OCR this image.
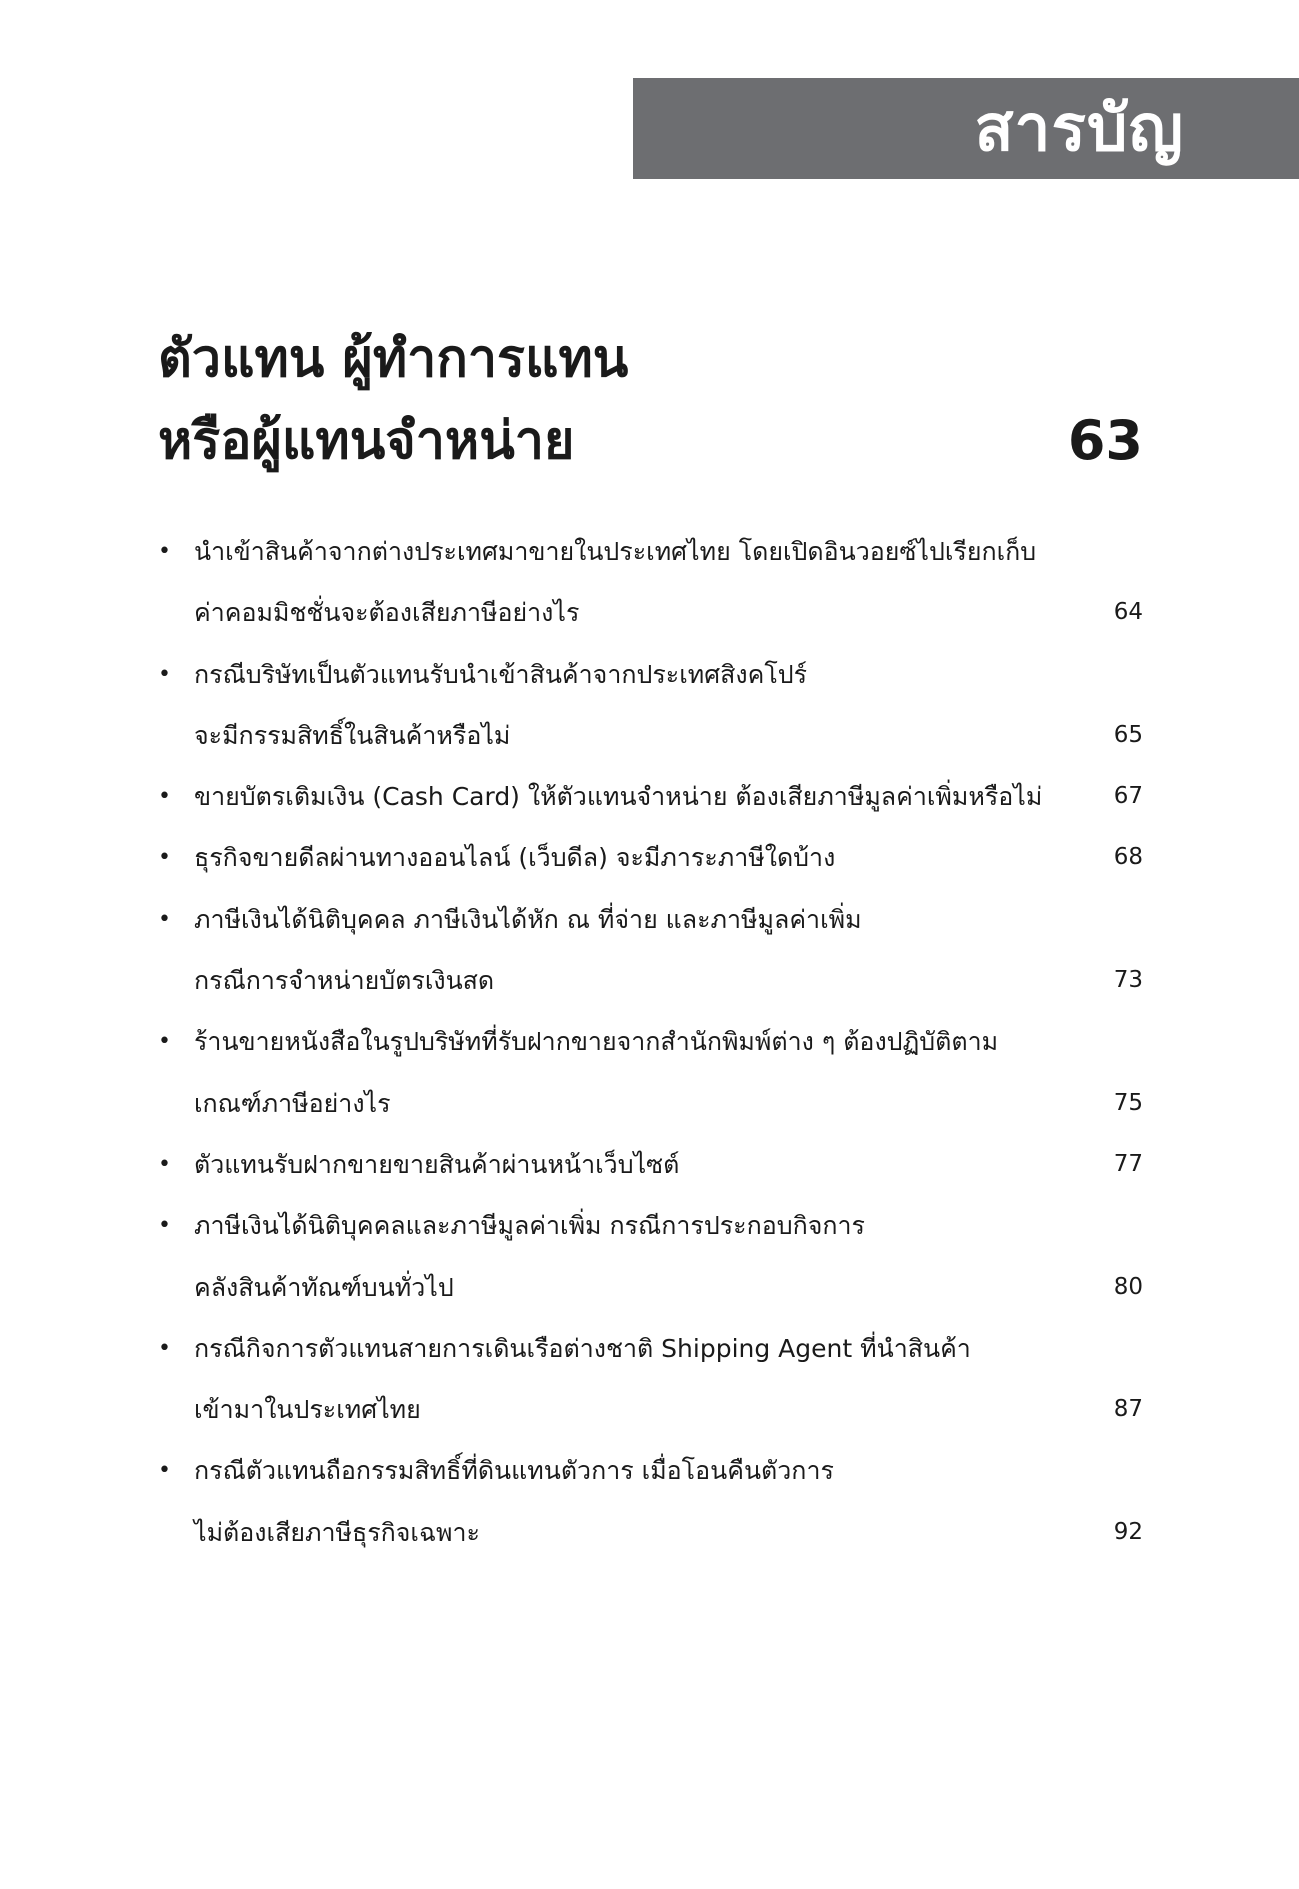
สารบัญ
ตัวแทน ผู้ทำการแทน
หรือผู้แทนจำหน่าย	63
• นำเข้าสินค้าจากต่างประเทศมาขายในประเทศไทย โดยเปิดอินวอยซ์ไปเรียกเก็บ
ค่าคอมมิชชั่นจะต้องเสียภาษีอย่างไร	64
• กรณีบริษัทเป็นตัวแทนรับนำเข้าสินค้าจากประเทศสิงคโปร์
จะมีกรรมสิทธิ์ในสินค้าหรือไม่	65
• ขายบัตรเติมเงิน (Cash Card) ให้ตัวแทนจำหน่าย ต้องเสียภาษีมูลค่าเพิ่มหรือไม่	67
• ธุรกิจขายดีลผ่านทางออนไลน์ (เว็บดีล) จะมีภาระภาษีใดบ้าง	68
• ภาษีเงินได้นิติบุคคล ภาษีเงินได้หัก ณ ที่จ่าย และภาษีมูลค่าเพิ่ม
กรณีการจำหน่ายบัตรเงินสด	73
• ร้านขายหนังสือในรูปบริษัทที่รับฝากขายจากสำนักพิมพ์ต่าง ๆ ต้องปฏิบัติตาม
เกณฑ์ภาษีอย่างไร	75
• ตัวแทนรับฝากขายขายสินค้าผ่านหน้าเว็บไซต์	77
• ภาษีเงินได้นิติบุคคลและภาษีมูลค่าเพิ่ม กรณีการประกอบกิจการ
คลังสินค้าทัณฑ์บนทั่วไป	80
• กรณีกิจการตัวแทนสายการเดินเรือต่างชาติ Shipping Agent ที่นำสินค้า
เข้ามาในประเทศไทย	87
• กรณีตัวแทนถือกรรมสิทธิ์ที่ดินแทนตัวการ เมื่อโอนคืนตัวการ
ไม่ต้องเสียภาษีธุรกิจเฉพาะ	92
